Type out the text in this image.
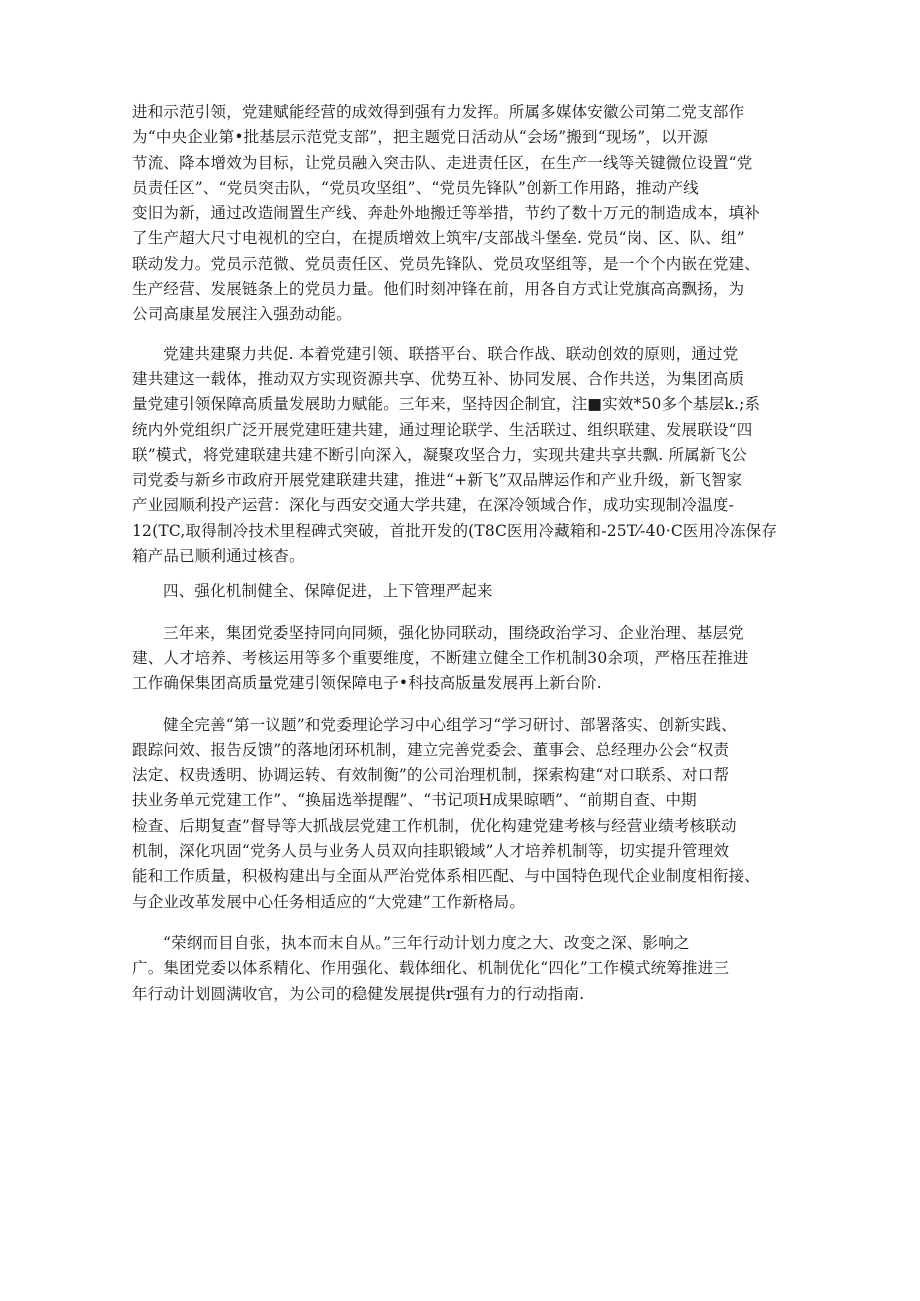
进和示范引领，党建赋能经营的成效得到强有力发挥。所属多媒体安徽公司第二党支部作
为“中央企业第•批基层示范党支部”，把主题党日活动从“会场”搬到“现场”，以开源
节流、降本增效为目标，让党员融入突击队、走进责任区，在生产一线等关键微位设置“党
员责任区”、“党员突击队，“党员攻坚组”、“党员先锋队”创新工作用路，推动产线
变旧为新，通过改造闹置生产线、奔赴外地搬迁等举措，节约了数十万元的制造成本，填补
了生产超大尺寸电视机的空白，在提质增效上筑牢/支部战斗堡垒. 党员“岗、区、队、组”
联动发力。党员示范微、党员责任区、党员先锋队、党员攻坚组等，是一个个内嵌在党建、
生产经营、发展链条上的党员力量。他们时刻冲锋在前，用各自方式让党旗高高飘扬，为
公司高康星发展注入强劲动能。

党建共建聚力共促. 本着党建引领、联搭平台、联合作战、联动创效的原则，通过党
建共建这一载体，推动双方实现资源共享、优势互补、协同发展、合作共送，为集团高质
量党建引领保障高质量发展助力赋能。三年来，坚持因企制宜，注■实效*50多个基层k.;系
统内外党组织广泛开展党建旺建共建，通过理论联学、生活联过、组织联建、发展联设“四
联”模式，将党建联建共建不断引向深入，凝聚攻坚合力，实现共建共享共飘. 所属新飞公
司党委与新乡市政府开展党建联建共建，推进“+新飞”双品牌运作和产业升级，新飞智家
产业园顺利投产运营：深化与西安交通大学共建，在深冷领域合作，成功实现制冷温度-
12(TC,取得制冷技术里程碑式突破，首批开发的(T8C医用冷藏箱和-25T⁄-40·C医用冷冻保存
箱产品已顺利通过核杳。

四、强化机制健全、保障促进，上下管理严起来

三年来，集团党委坚持同向同频，强化协同联动，围绕政治学习、企业治理、基层党
建、人才培养、考核运用等多个重要维度，不断建立健全工作机制30余项，严格压茬推进
工作确保集团高质量党建引领保障电子•科技高版量发展再上新台阶.

健全完善“第一议题”和党委理论学习中心组学习“学习研讨、部署落实、创新实践、
跟踪问效、报告反馈”的落地闭环机制，建立完善党委会、董事会、总经理办公会“权责
法定、权贵透明、协调运转、有效制衡”的公司治理机制，探索构建“对口联系、对口帮
扶业务单元党建工作”、“换届选举提醒”、“书记项H成果晾晒”、“前期自查、中期
检查、后期复查”督导等大抓战层党建工作机制，优化构建党建考核与经营业绩考核联动
机制，深化巩固“党务人员与业务人员双向挂职锻域”人才培养机制等，切实提升管理效
能和工作质量，积极构建出与全面从严治党体系相匹配、与中国特色现代企业制度相衔接、
与企业改革发展中心任务相适应的“大党建”工作新格局。

“荣纲而目自张，执本而末自从。”三年行动计划力度之大、改变之深、影响之
广。集团党委以体系精化、作用强化、载体细化、机制优化“四化”工作模式统筹推进三
年行动计划圆满收官，为公司的稳健发展提供r强有力的行动指南.
